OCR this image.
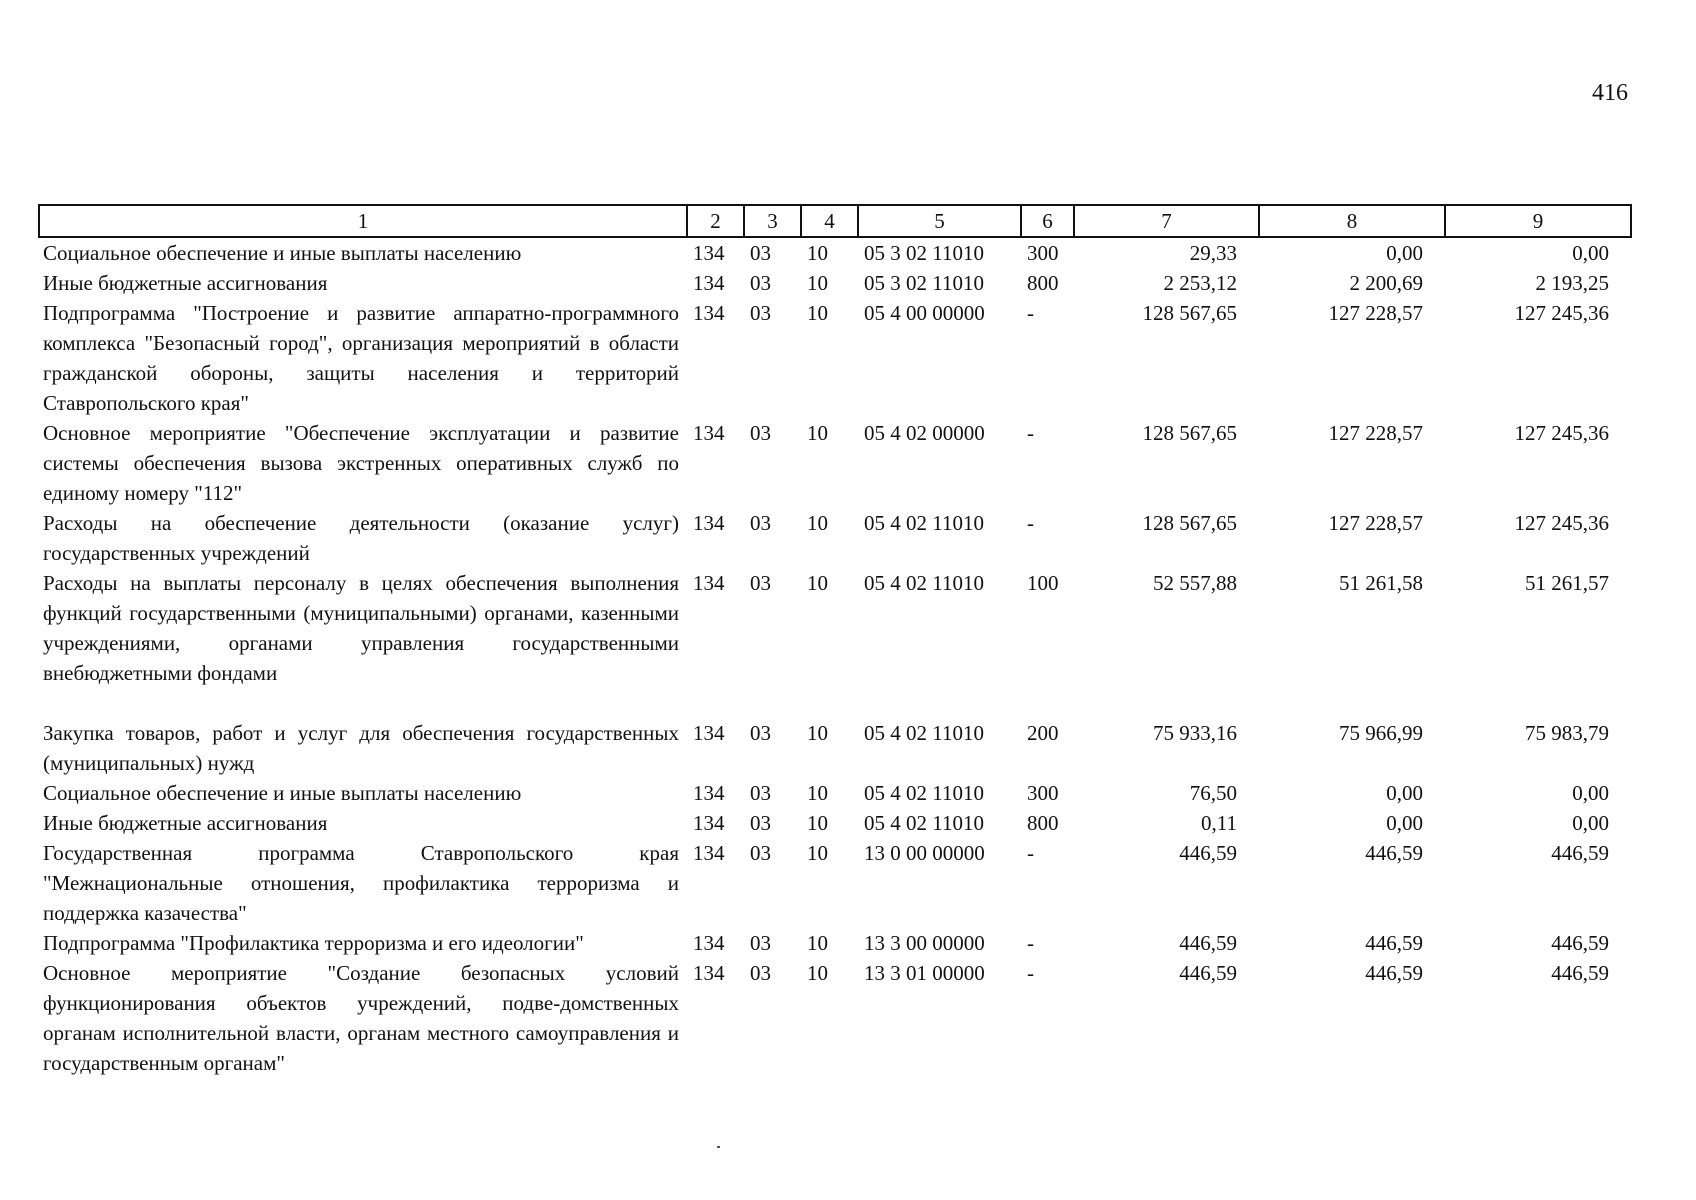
416
1	2	3	4	5	6	7	8	9
Социальное обеспечение и иные выплаты населению	134	03	10	05 3 02 11010	300	29,33	0,00	0,00
Иные бюджетные ассигнования	134	03	10	05 3 02 11010	800	2 253,12	2 200,69	2 193,25
Подпрограмма "Построение и развитие аппаратно-программного комплекса "Безопасный город", организация мероприятий в области гражданской обороны, защиты населения и территорий Ставропольского края"	134	03	10	05 4 00 00000	-	128 567,65	127 228,57	127 245,36
Основное мероприятие "Обеспечение эксплуатации и развитие системы обеспечения вызова экстренных оперативных служб по единому номеру "112"	134	03	10	05 4 02 00000	-	128 567,65	127 228,57	127 245,36
Расходы на обеспечение деятельности (оказание услуг) государственных учреждений	134	03	10	05 4 02 11010	-	128 567,65	127 228,57	127 245,36
Расходы на выплаты персоналу в целях обеспечения выполнения функций государственными (муниципальными) органами, казенными учреждениями, органами управления государственными внебюджетными фондами	134	03	10	05 4 02 11010	100	52 557,88	51 261,58	51 261,57
Закупка товаров, работ и услуг для обеспечения государственных (муниципальных) нужд	134	03	10	05 4 02 11010	200	75 933,16	75 966,99	75 983,79
Социальное обеспечение и иные выплаты населению	134	03	10	05 4 02 11010	300	76,50	0,00	0,00
Иные бюджетные ассигнования	134	03	10	05 4 02 11010	800	0,11	0,00	0,00
Государственная программа Ставропольского края "Межнациональные отношения, профилактика терроризма и поддержка казачества"	134	03	10	13 0 00 00000	-	446,59	446,59	446,59
Подпрограмма "Профилактика терроризма и его идеологии"	134	03	10	13 3 00 00000	-	446,59	446,59	446,59
Основное мероприятие "Создание безопасных условий функционирования объектов учреждений, подве-домственных органам исполнительной власти, органам местного самоуправления и государственным органам"	134	03	10	13 3 01 00000	-	446,59	446,59	446,59
